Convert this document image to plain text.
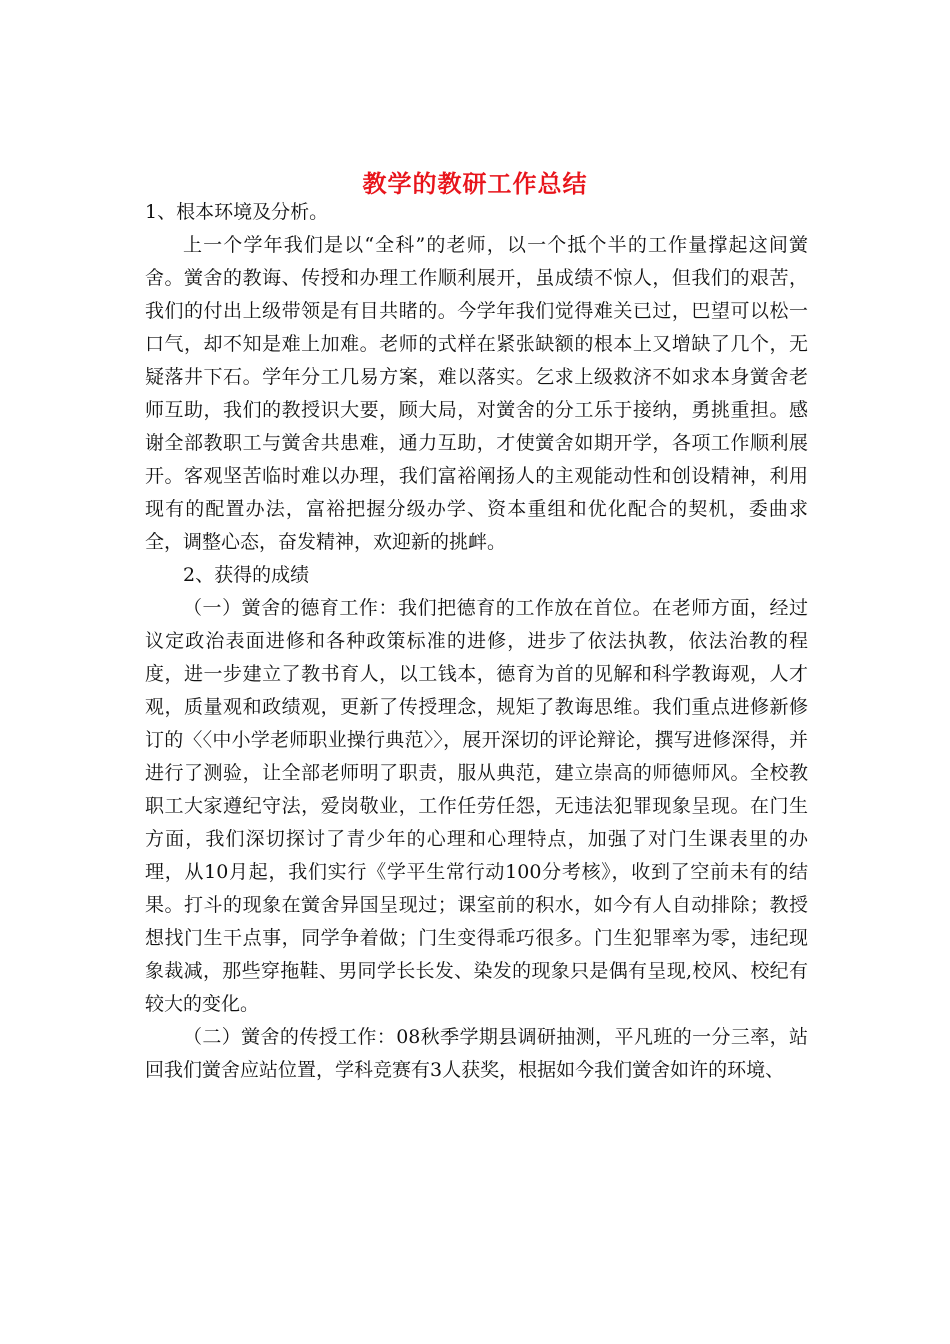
教学的教研工作总结

1、根本环境及分析。

上一个学年我们是以“全科”的老师，以一个抵个半的工作量撑起这间黉舍。黉舍的教诲、传授和办理工作顺利展开，虽成绩不惊人，但我们的艰苦，我们的付出上级带领是有目共睹的。今学年我们觉得难关已过，巴望可以松一口气，却不知是难上加难。老师的式样在紧张缺额的根本上又增缺了几个，无疑落井下石。学年分工几易方案，难以落实。乞求上级救济不如求本身黉舍老师互助，我们的教授识大要，顾大局，对黉舍的分工乐于接纳，勇挑重担。感谢全部教职工与黉舍共患难，通力互助，才使黉舍如期开学，各项工作顺利展开。客观坚苦临时难以办理，我们富裕阐扬人的主观能动性和创设精神，利用现有的配置办法，富裕把握分级办学、资本重组和优化配合的契机，委曲求全，调整心态，奋发精神，欢迎新的挑衅。

2、获得的成绩

（一）黉舍的德育工作：我们把德育的工作放在首位。在老师方面，经过议定政治表面进修和各种政策标准的进修，进步了依法执教，依法治教的程度，进一步建立了教书育人，以工钱本，德育为首的见解和科学教诲观，人才观，质量观和政绩观，更新了传授理念，规矩了教诲思维。我们重点进修新修订的〈〈中小学老师职业操行典范〉〉，展开深切的评论辩论，撰写进修深得，并进行了测验，让全部老师明了职责，服从典范，建立崇高的师德师风。全校教职工大家遵纪守法，爱岗敬业，工作任劳任怨，无违法犯罪现象呈现。在门生方面，我们深切探讨了青少年的心理和心理特点，加强了对门生课表里的办理，从10月起，我们实行《学平生常行动100分考核》，收到了空前未有的结果。打斗的现象在黉舍异国呈现过；课室前的积水，如今有人自动排除；教授想找门生干点事，同学争着做；门生变得乖巧很多。门生犯罪率为零，违纪现象裁减，那些穿拖鞋、男同学长长发、染发的现象只是偶有呈现,校风、校纪有较大的变化。

（二）黉舍的传授工作：08秋季学期县调研抽测，平凡班的一分三率，站回我们黉舍应站位置，学科竞赛有3人获奖，根据如今我们黉舍如许的环境、
